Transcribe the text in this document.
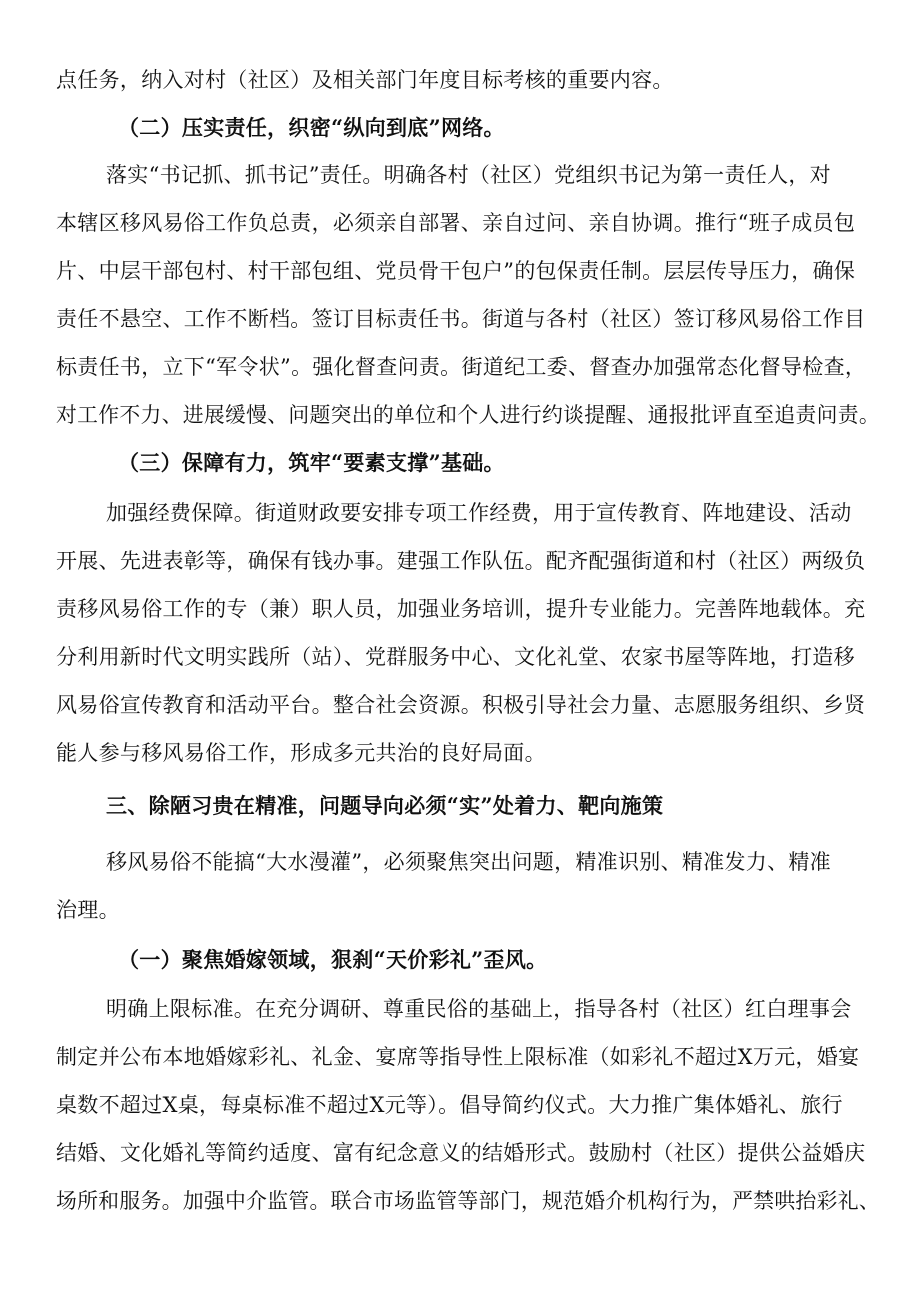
点任务，纳入对村（社区）及相关部门年度目标考核的重要内容。
（二）压实责任，织密“纵向到底”网络。
落实“书记抓、抓书记”责任。明确各村（社区）党组织书记为第一责任人，对
本辖区移风易俗工作负总责，必须亲自部署、亲自过问、亲自协调。推行“班子成员包
片、中层干部包村、村干部包组、党员骨干包户”的包保责任制。层层传导压力，确保
责任不悬空、工作不断档。签订目标责任书。街道与各村（社区）签订移风易俗工作目
标责任书，立下“军令状”。强化督查问责。街道纪工委、督查办加强常态化督导检查，
对工作不力、进展缓慢、问题突出的单位和个人进行约谈提醒、通报批评直至追责问责。
（三）保障有力，筑牢“要素支撑”基础。
加强经费保障。街道财政要安排专项工作经费，用于宣传教育、阵地建设、活动
开展、先进表彰等，确保有钱办事。建强工作队伍。配齐配强街道和村（社区）两级负
责移风易俗工作的专（兼）职人员，加强业务培训，提升专业能力。完善阵地载体。充
分利用新时代文明实践所（站）、党群服务中心、文化礼堂、农家书屋等阵地，打造移
风易俗宣传教育和活动平台。整合社会资源。积极引导社会力量、志愿服务组织、乡贤
能人参与移风易俗工作，形成多元共治的良好局面。
三、除陋习贵在精准，问题导向必须“实”处着力、靶向施策
移风易俗不能搞“大水漫灌”，必须聚焦突出问题，精准识别、精准发力、精准
治理。
（一）聚焦婚嫁领域，狠刹“天价彩礼”歪风。
明确上限标准。在充分调研、尊重民俗的基础上，指导各村（社区）红白理事会
制定并公布本地婚嫁彩礼、礼金、宴席等指导性上限标准（如彩礼不超过X万元，婚宴
桌数不超过X桌，每桌标准不超过X元等）。倡导简约仪式。大力推广集体婚礼、旅行
结婚、文化婚礼等简约适度、富有纪念意义的结婚形式。鼓励村（社区）提供公益婚庆
场所和服务。加强中介监管。联合市场监管等部门，规范婚介机构行为，严禁哄抬彩礼、
